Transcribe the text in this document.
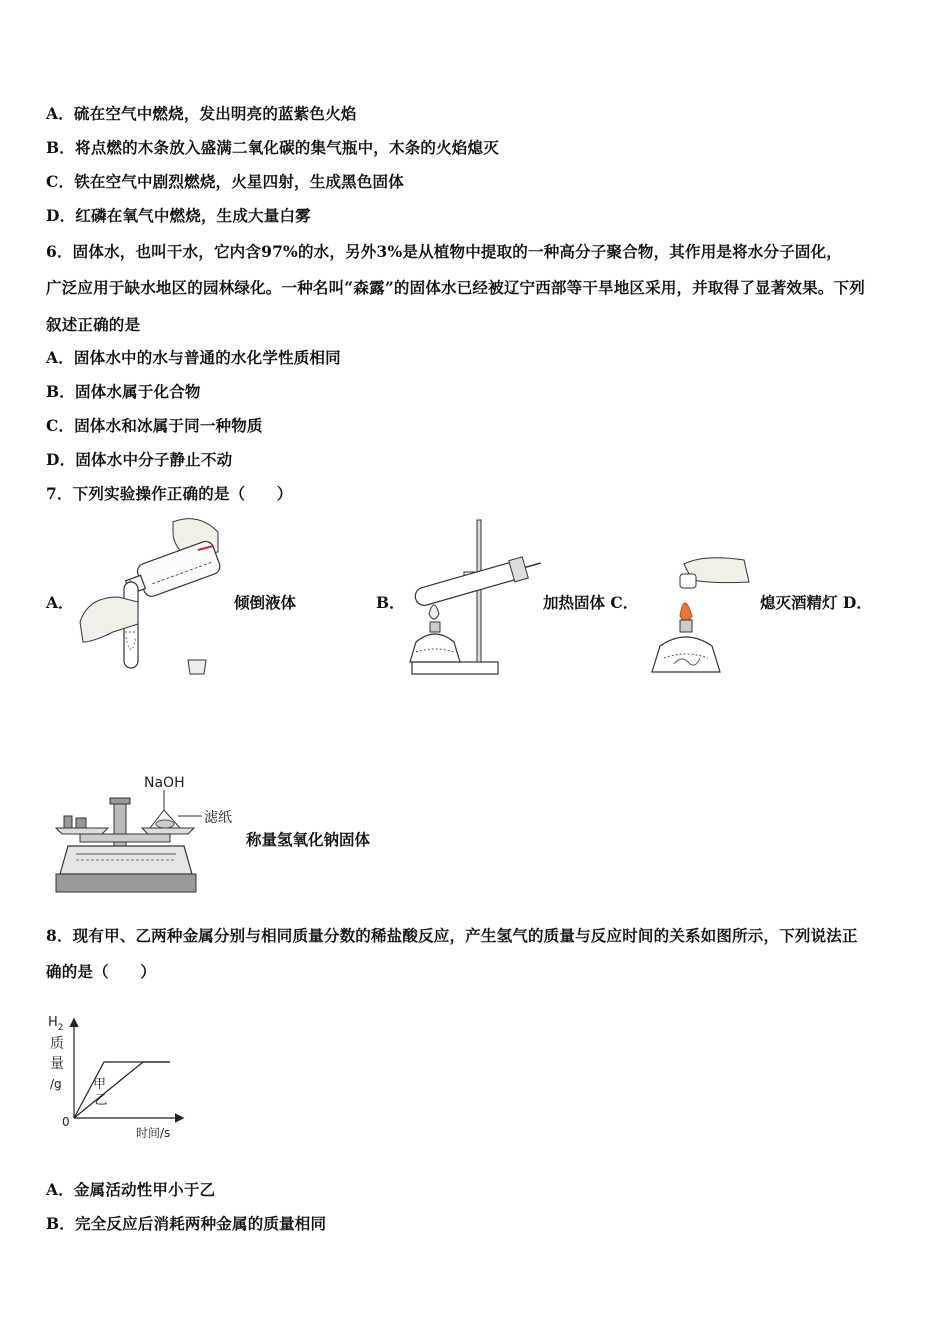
A．硫在空气中燃烧，发出明亮的蓝紫色火焰
B．将点燃的木条放入盛满二氧化碳的集气瓶中，木条的火焰熄灭
C．铁在空气中剧烈燃烧，火星四射，生成黑色固体
D．红磷在氧气中燃烧，生成大量白雾
6．固体水，也叫干水，它内含97%的水，另外3%是从植物中提取的一种高分子聚合物，其作用是将水分子固化，
广泛应用于缺水地区的园林绿化。一种名叫“森露”的固体水已经被辽宁西部等干旱地区采用，并取得了显著效果。下列
叙述正确的是
A．固体水中的水与普通的水化学性质相同
B．固体水属于化合物
C．固体水和冰属于同一种物质
D．固体水中分子静止不动
7．下列实验操作正确的是（　　）
A．	倾倒液体	B．	加热固体 C．	熄灭酒精灯 D．
NaOH
滤纸
称量氢氧化钠固体
8．现有甲、乙两种金属分别与相同质量分数的稀盐酸反应，产生氢气的质量与反应时间的关系如图所示，下列说法正
确的是（　　）
$H_2$
质
量
/g
0
时间/s
甲
乙
A．金属活动性甲小于乙
B．完全反应后消耗两种金属的质量相同
